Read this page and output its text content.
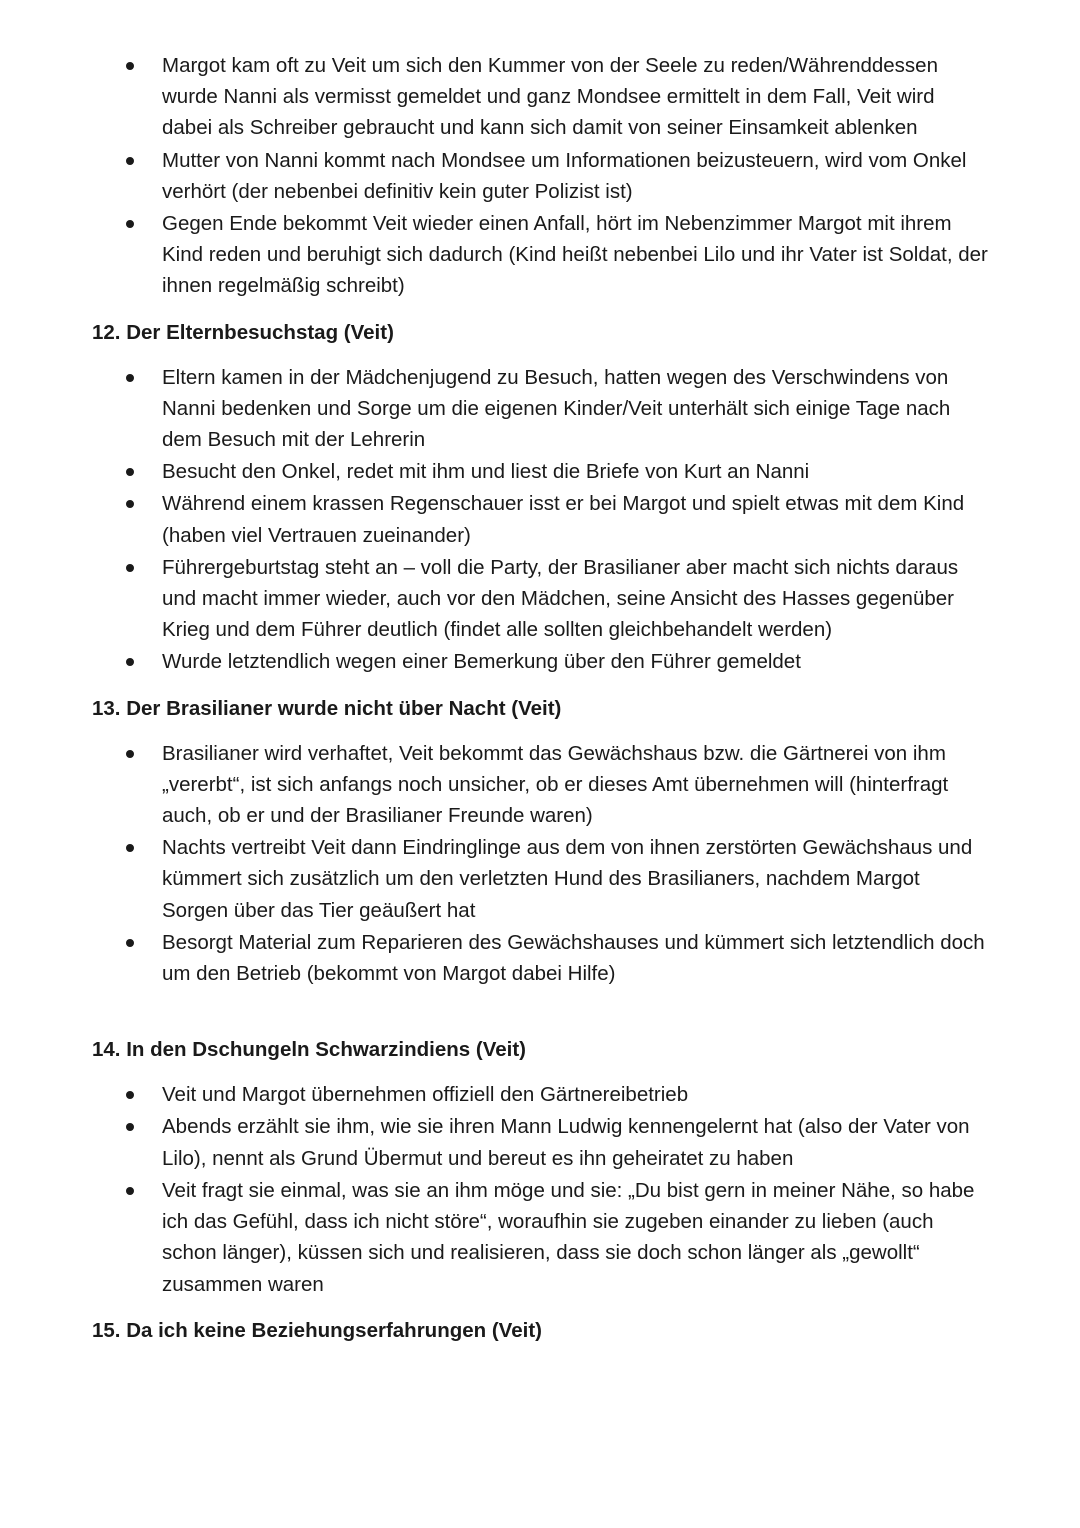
Margot kam oft zu Veit um sich den Kummer von der Seele zu reden/Währenddessen wurde Nanni als vermisst gemeldet und ganz Mondsee ermittelt in dem Fall, Veit wird dabei als Schreiber gebraucht und kann sich damit von seiner Einsamkeit ablenken
Mutter von Nanni kommt nach Mondsee um Informationen beizusteuern, wird vom Onkel verhört (der nebenbei definitiv kein guter Polizist ist)
Gegen Ende bekommt Veit wieder einen Anfall, hört im Nebenzimmer Margot mit ihrem Kind reden und beruhigt sich dadurch (Kind heißt nebenbei Lilo und ihr Vater ist Soldat, der ihnen regelmäßig schreibt)
12. Der Elternbesuchstag (Veit)
Eltern kamen in der Mädchenjugend zu Besuch, hatten wegen des Verschwindens von Nanni bedenken und Sorge um die eigenen Kinder/Veit unterhält sich einige Tage nach dem Besuch mit der Lehrerin
Besucht den Onkel, redet mit ihm und liest die Briefe von Kurt an Nanni
Während einem krassen Regenschauer isst er bei Margot und spielt etwas mit dem Kind (haben viel Vertrauen zueinander)
Führergeburtstag steht an – voll die Party, der Brasilianer aber macht sich nichts daraus und macht immer wieder, auch vor den Mädchen, seine Ansicht des Hasses gegenüber Krieg und dem Führer deutlich (findet alle sollten gleichbehandelt werden)
Wurde letztendlich wegen einer Bemerkung über den Führer gemeldet
13. Der Brasilianer wurde nicht über Nacht (Veit)
Brasilianer wird verhaftet, Veit bekommt das Gewächshaus bzw. die Gärtnerei von ihm „vererbt“, ist sich anfangs noch unsicher, ob er dieses Amt übernehmen will (hinterfragt auch, ob er und der Brasilianer Freunde waren)
Nachts vertreibt Veit dann Eindringlinge aus dem von ihnen zerstörten Gewächshaus und kümmert sich zusätzlich um den verletzten Hund des Brasilianers, nachdem Margot Sorgen über das Tier geäußert hat
Besorgt Material zum Reparieren des Gewächshauses und kümmert sich letztendlich doch um den Betrieb (bekommt von Margot dabei Hilfe)
14. In den Dschungeln Schwarzindiens (Veit)
Veit und Margot übernehmen offiziell den Gärtnereibetrieb
Abends erzählt sie ihm, wie sie ihren Mann Ludwig kennengelernt hat (also der Vater von Lilo), nennt als Grund Übermut und bereut es ihn geheiratet zu haben
Veit fragt sie einmal, was sie an ihm möge und sie: „Du bist gern in meiner Nähe, so habe ich das Gefühl, dass ich nicht störe“, woraufhin sie zugeben einander zu lieben (auch schon länger), küssen sich und realisieren, dass sie doch schon länger als „gewollt“ zusammen waren
15. Da ich keine Beziehungserfahrungen (Veit)
